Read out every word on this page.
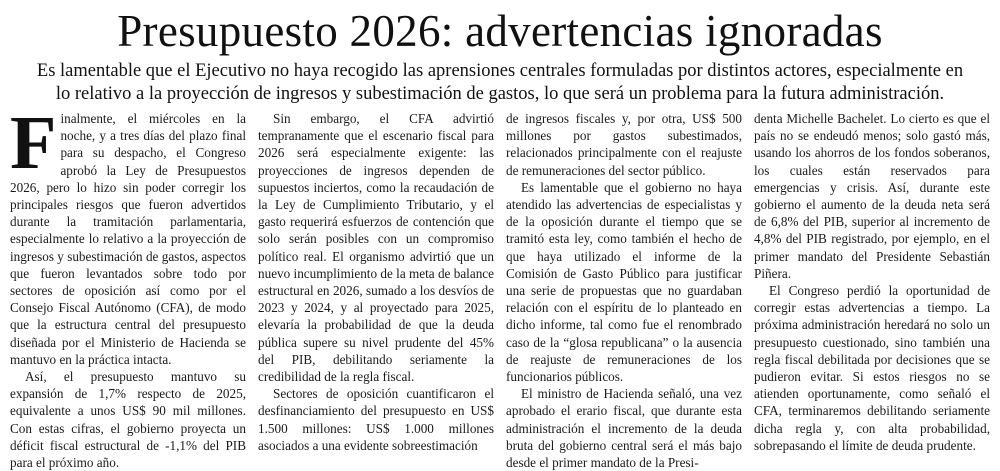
Presupuesto 2026: advertencias ignoradas
Es lamentable que el Ejecutivo no haya recogido las aprensiones centrales formuladas por distintos actores, especialmente en lo relativo a la proyección de ingresos y subestimación de gastos, lo que será un problema para la futura administración.

Finalmente, el miércoles en la noche, y a tres días del plazo final para su despacho, el Congreso aprobó la Ley de Presupuestos 2026, pero lo hizo sin poder corregir los principales riesgos que fueron advertidos durante la tramitación parlamentaria, especialmente lo relativo a la proyección de ingresos y subestimación de gastos, aspectos que fueron levantados sobre todo por sectores de oposición así como por el Consejo Fiscal Autónomo (CFA), de modo que la estructura central del presupuesto diseñada por el Ministerio de Hacienda se mantuvo en la práctica intacta.

Así, el presupuesto mantuvo su expansión de 1,7% respecto de 2025, equivalente a unos US$ 90 mil millones. Con estas cifras, el gobierno proyecta un déficit fiscal estructural de -1,1% del PIB para el próximo año.

Sin embargo, el CFA advirtió tempranamente que el escenario fiscal para 2026 será especialmente exigente: las proyecciones de ingresos dependen de supuestos inciertos, como la recaudación de la Ley de Cumplimiento Tributario, y el gasto requerirá esfuerzos de contención que solo serán posibles con un compromiso político real. El organismo advirtió que un nuevo incumplimiento de la meta de balance estructural en 2026, sumado a los desvíos de 2023 y 2024, y al proyectado para 2025, elevaría la probabilidad de que la deuda pública supere su nivel prudente del 45% del PIB, debilitando seriamente la credibilidad de la regla fiscal.

Sectores de oposición cuantificaron el desfinanciamiento del presupuesto en US$ 1.500 millones: US$ 1.000 millones asociados a una evidente sobreestimación

de ingresos fiscales y, por otra, US$ 500 millones por gastos subestimados, relacionados principalmente con el reajuste de remuneraciones del sector público.

Es lamentable que el gobierno no haya atendido las advertencias de especialistas y de la oposición durante el tiempo que se tramitó esta ley, como también el hecho de que haya utilizado el informe de la Comisión de Gasto Público para justificar una serie de propuestas que no guardaban relación con el espíritu de lo planteado en dicho informe, tal como fue el renombrado caso de la “glosa republicana” o la ausencia de reajuste de remuneraciones de los funcionarios públicos.

El ministro de Hacienda señaló, una vez aprobado el erario fiscal, que durante esta administración el incremento de la deuda bruta del gobierno central será el más bajo desde el primer mandato de la Presi-

denta Michelle Bachelet. Lo cierto es que el país no se endeudó menos; solo gastó más, usando los ahorros de los fondos soberanos, los cuales están reservados para emergencias y crisis. Así, durante este gobierno el aumento de la deuda neta será de 6,8% del PIB, superior al incremento de 4,8% del PIB registrado, por ejemplo, en el primer mandato del Presidente Sebastián Piñera.

El Congreso perdió la oportunidad de corregir estas advertencias a tiempo. La próxima administración heredará no solo un presupuesto cuestionado, sino también una regla fiscal debilitada por decisiones que se pudieron evitar. Si estos riesgos no se atienden oportunamente, como señaló el CFA, terminaremos debilitando seriamente dicha regla y, con alta probabilidad, sobrepasando el límite de deuda prudente.
